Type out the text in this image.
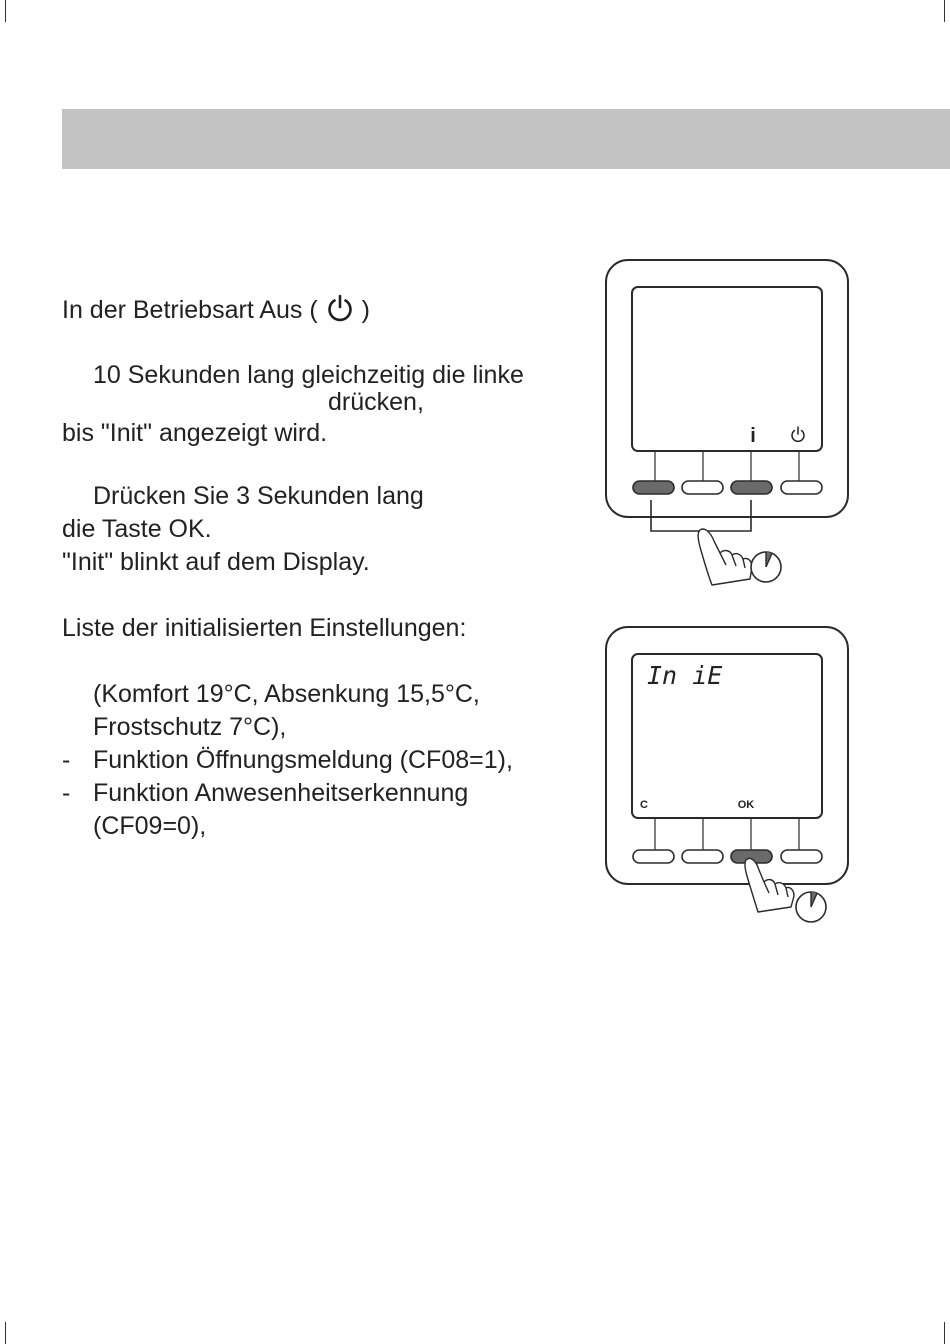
In der Betriebsart Aus (  )
10 Sekunden lang gleichzeitig die linke
drücken,
bis "Init" angezeigt wird.
Drücken Sie 3 Sekunden lang
die Taste OK.
"Init" blinkt auf dem Display.
Liste der initialisierten Einstellungen:
(Komfort 19°C, Absenkung 15,5°C,
Frostschutz 7°C),
- Funktion Öffnungsmeldung (CF08=1),
- Funktion Anwesenheitserkennung
(CF09=0),
i
In iE
C	OK
